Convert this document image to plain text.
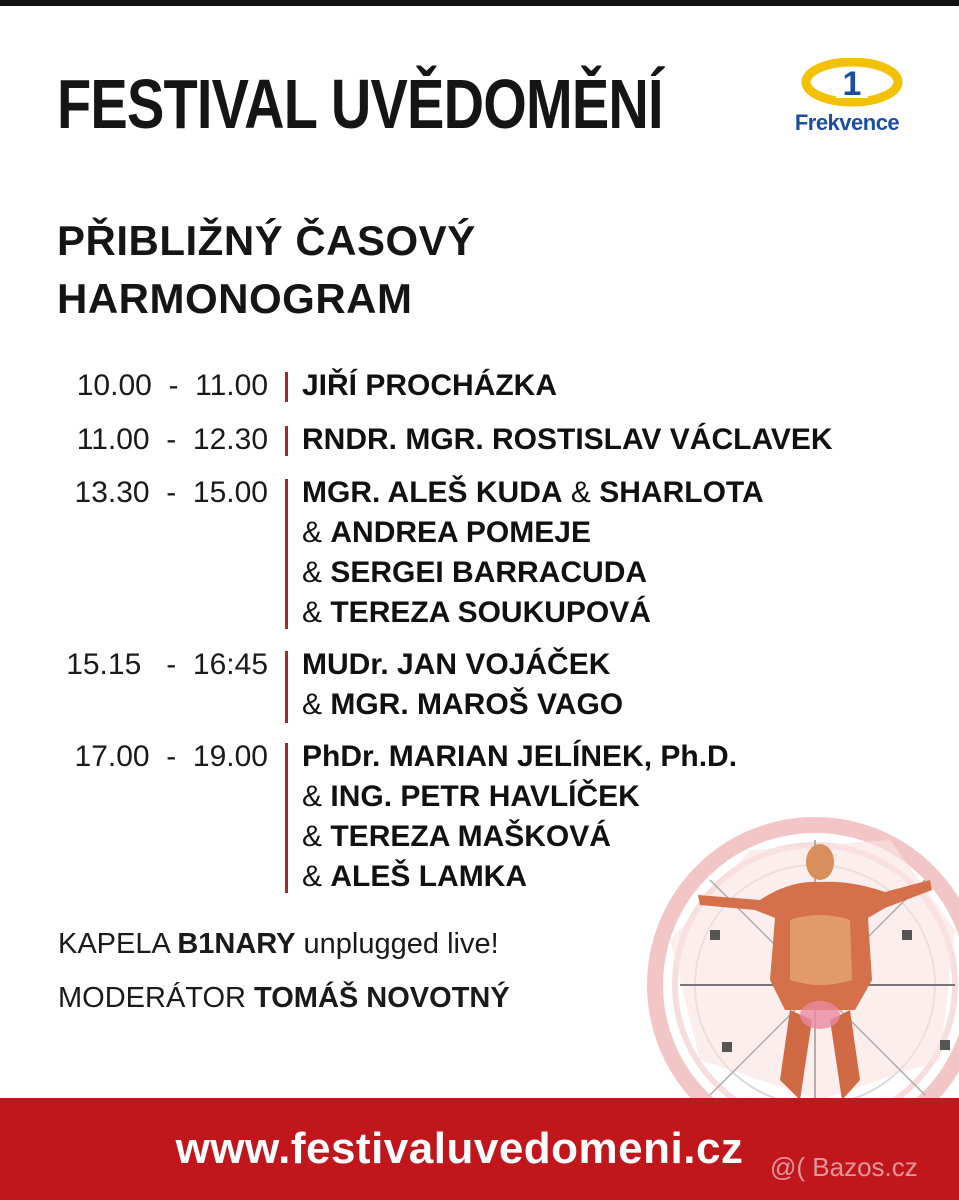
FESTIVAL UVĚDOMĚNÍ	1
Frekvence
PŘIBLIŽNÝ ČASOVÝ
HARMONOGRAM
10.00  -  11.00 JIŘÍ PROCHÁZKA
11.00  -  12.30 RNDR. MGR. ROSTISLAV VÁCLAVEK
13.30  -  15.00 MGR. ALEŠ KUDA & SHARLOTA
& ANDREA POMEJE
& SERGEI BARRACUDA
& TEREZA SOUKUPOVÁ
15.15   -  16:45 MUDr. JAN VOJÁČEK
& MGR. MAROŠ VAGO
17.00  -  19.00 PhDr. MARIAN JELÍNEK, Ph.D.
& ING. PETR HAVLÍČEK
& TEREZA MAŠKOVÁ
& ALEŠ LAMKA
KAPELA B1NARY unplugged live!
MODERÁTOR TOMÁŠ NOVOTNÝ
www.festivaluvedomeni.cz	@( Bazos.cz
